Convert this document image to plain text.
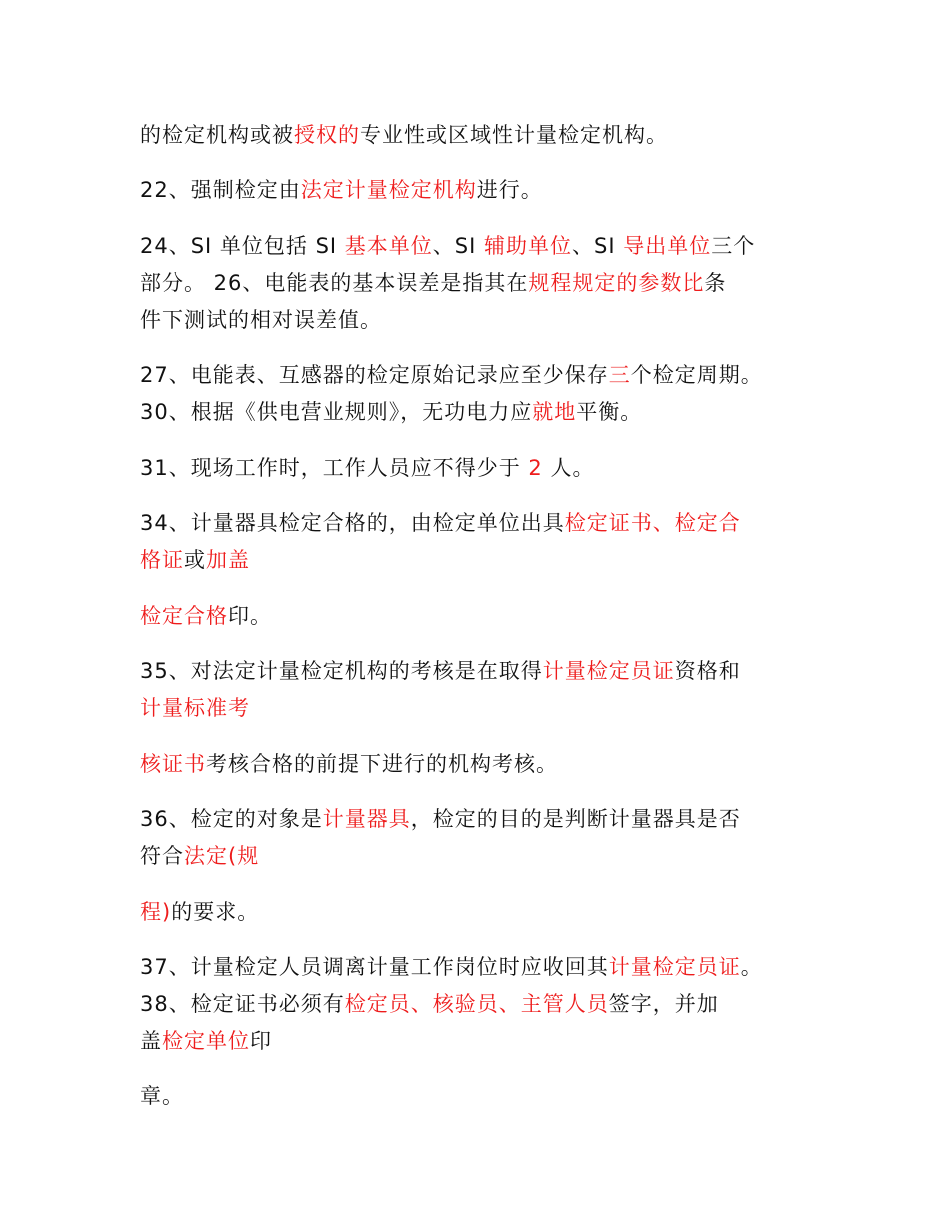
的检定机构或被授权的专业性或区域性计量检定机构。
22、强制检定由法定计量检定机构进行。
24、SI 单位包括 SI 基本单位、SI 辅助单位、SI 导出单位三个
部分。 26、电能表的基本误差是指其在规程规定的参数比条
件下测试的相对误差值。
27、电能表、互感器的检定原始记录应至少保存三个检定周期。
30、根据《供电营业规则》，无功电力应就地平衡。
31、现场工作时，工作人员应不得少于 2 人。
34、计量器具检定合格的，由检定单位出具检定证书、检定合
格证或加盖
检定合格印。
35、对法定计量检定机构的考核是在取得计量检定员证资格和
计量标准考
核证书考核合格的前提下进行的机构考核。
36、检定的对象是计量器具，检定的目的是判断计量器具是否
符合法定(规
程)的要求。
37、计量检定人员调离计量工作岗位时应收回其计量检定员证。
38、检定证书必须有检定员、核验员、主管人员签字，并加
盖检定单位印
章。
